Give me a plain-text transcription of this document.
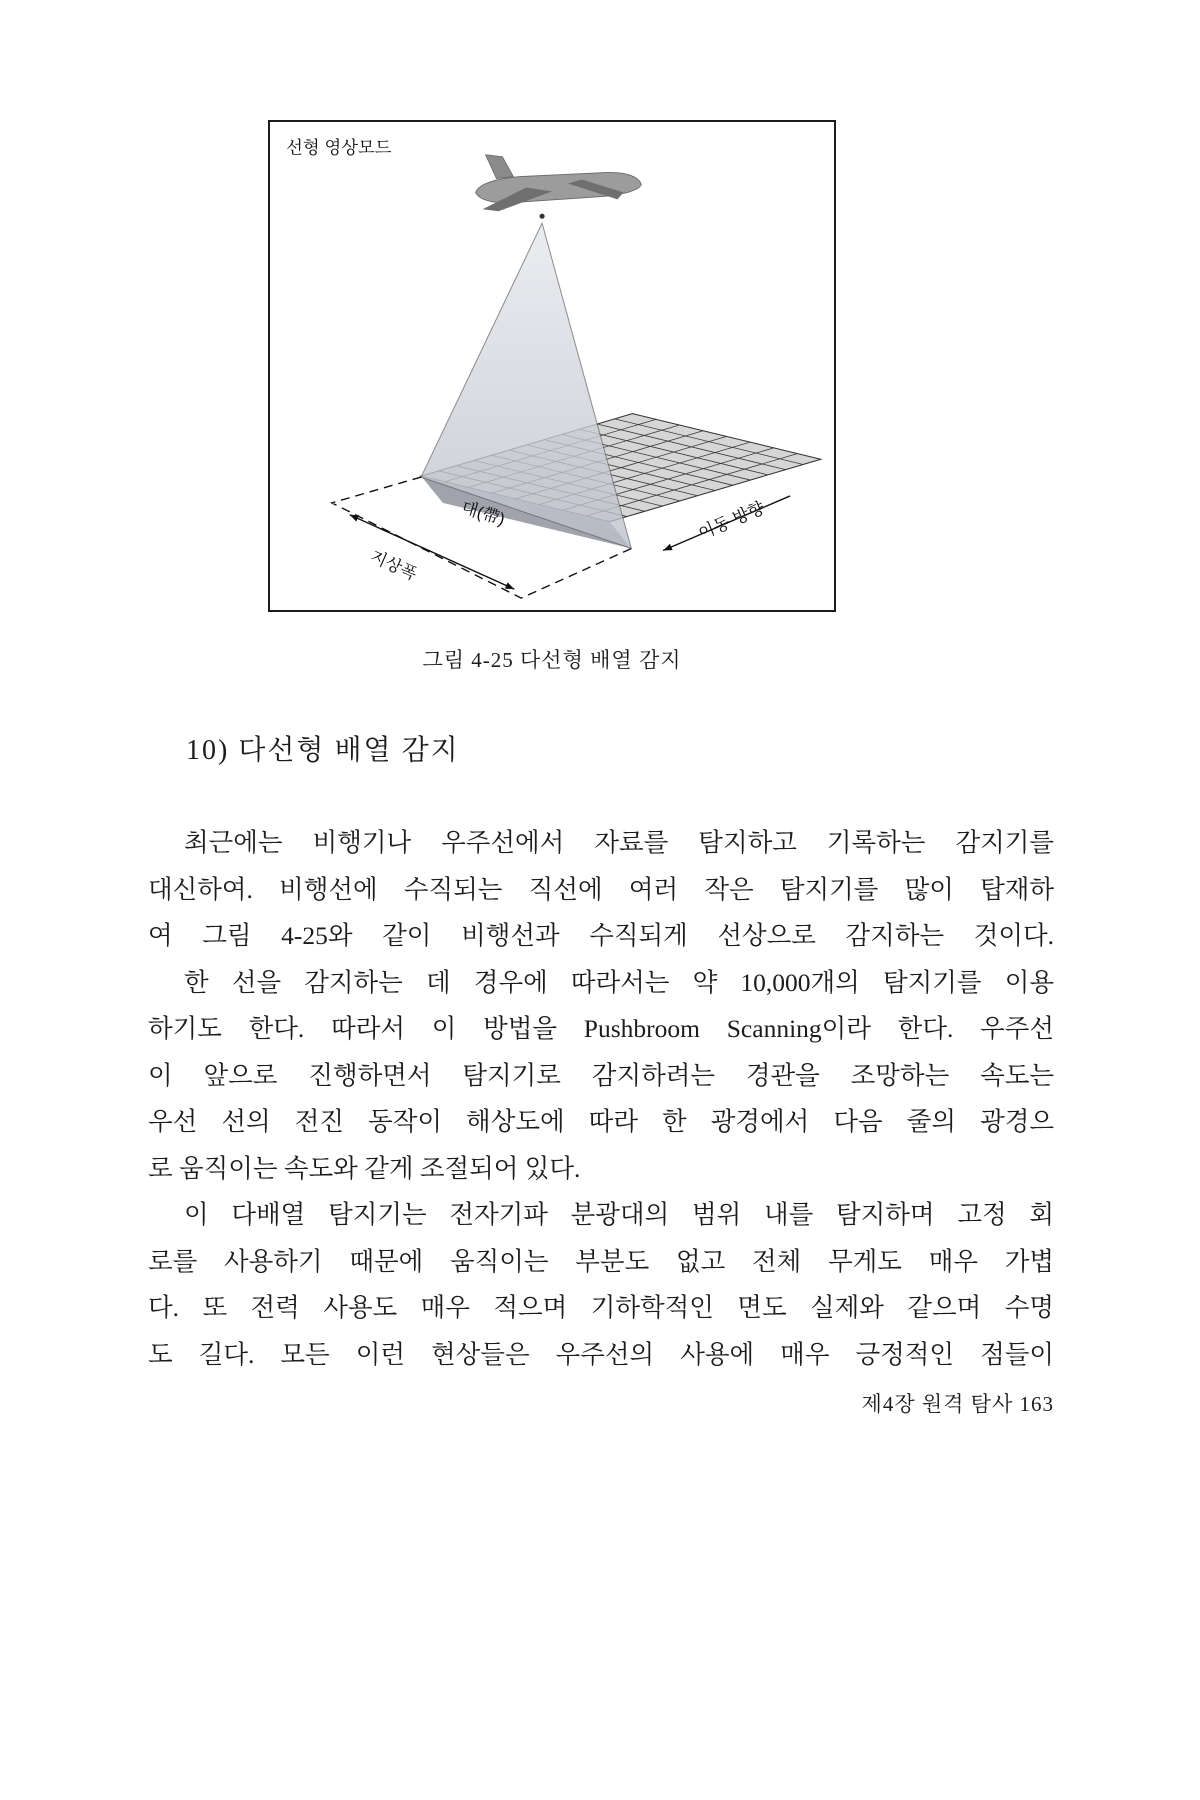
지상폭
대(帶)	이동 방향
선형 영상모드
그림 4-25 다선형 배열 감지
10) 다선형 배열 감지
최근에는 비행기나 우주선에서 자료를 탐지하고 기록하는 감지기를
대신하여. 비행선에 수직되는 직선에 여러 작은 탐지기를 많이 탑재하
여 그림 4-25와 같이 비행선과 수직되게 선상으로 감지하는 것이다.
한 선을 감지하는 데 경우에 따라서는 약 10,000개의 탐지기를 이용
하기도 한다. 따라서 이 방법을 Pushbroom Scanning이라 한다. 우주선
이 앞으로 진행하면서 탐지기로 감지하려는 경관을 조망하는 속도는
우선 선의 전진 동작이 해상도에 따라 한 광경에서 다음 줄의 광경으
로 움직이는 속도와 같게 조절되어 있다.
이 다배열 탐지기는 전자기파 분광대의 범위 내를 탐지하며 고정 회
로를 사용하기 때문에 움직이는 부분도 없고 전체 무게도 매우 가볍
다. 또 전력 사용도 매우 적으며 기하학적인 면도 실제와 같으며 수명
도 길다. 모든 이런 현상들은 우주선의 사용에 매우 긍정적인 점들이
제4장 원격 탐사 163
